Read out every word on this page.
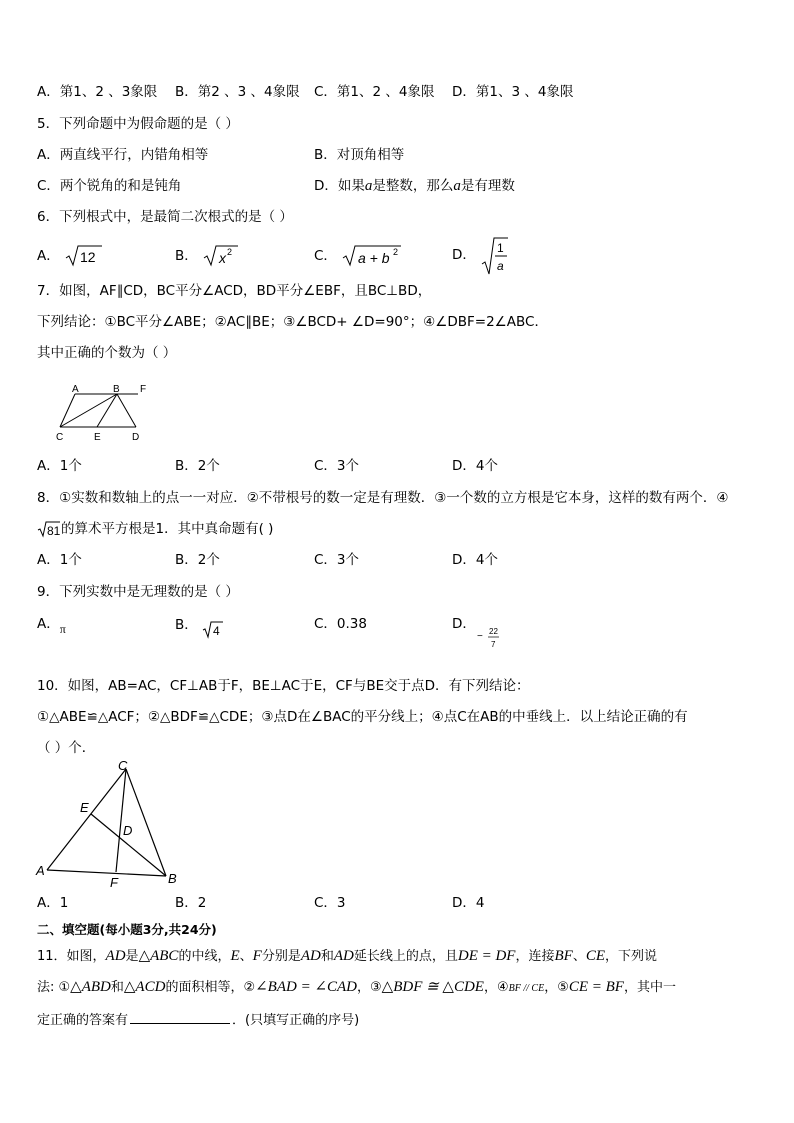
A．第1、2 、3象限 B．第2 、3 、4象限 C．第1、2 、4象限 D．第1、3 、4象限
5．下列命题中为假命题的是（ ）
A．两直线平行，内错角相等	B．对顶角相等
C．两个锐角的和是钝角	D．如果a是整数，那么a是有理数
6．下列根式中，是最简二次根式的是（ ）
A． 12	B． x 2	C． a + b 2	D． 1
a
7．如图，AF∥CD，BC平分∠ACD，BD平分∠EBF，且BC⊥BD，
下列结论：①BC平分∠ABE；②AC∥BE；③∠BCD+ ∠D=90°；④∠DBF=2∠ABC．
其中正确的个数为（ ）
A	B F
C	E	D
A．1个	B．2个	C．3个	D．4个
8．①实数和数轴上的点一一对应．②不带根号的数一定是有理数．③一个数的立方根是它本身，这样的数有两个．④
81 的算术平方根是1．其中真命题有( )
A．1个	B．2个	C．3个	D．4个
9．下列实数中是无理数的是（ ）
A．π	B． 4	C．0.38	D．
− 22
7
10．如图，AB=AC，CF⊥AB于F，BE⊥AC于E，CF与BE交于点D．有下列结论：
①△ABE≌△ACF；②△BDF≌△CDE；③点D在∠BAC的平分线上；④点C在AB的中垂线上．以上结论正确的有
（ ）个．
C
E
D
A
F	B
A．1	B．2	C．3	D．4
二、填空题(每小题3分,共24分)
11．如图，AD是△ABC的中线，E、F分别是AD和AD延长线上的点，且DE = DF，连接BF、CE，下列说
法: ①△ABD和△ACD的面积相等，②∠BAD = ∠CAD，③△BDF ≅ △CDE，④BF // CE，⑤CE = BF，其中一
定正确的答案有	．(只填写正确的序号)
